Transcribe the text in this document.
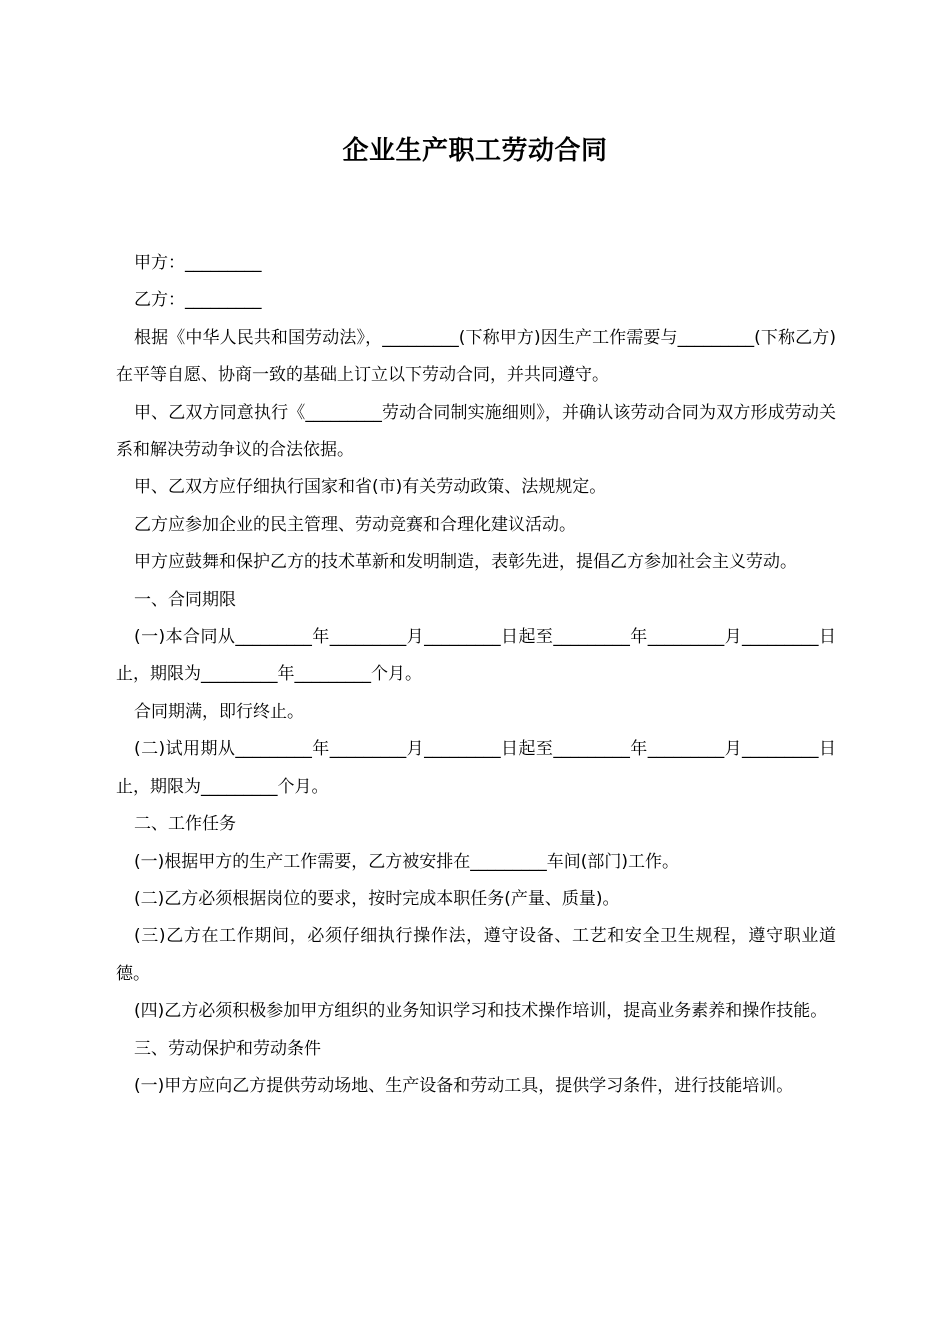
企业生产职工劳动合同

甲方：_________

乙方：_________

根据《中华人民共和国劳动法》，_________(下称甲方)因生产工作需要与_________(下称乙方)在平等自愿、协商一致的基础上订立以下劳动合同，并共同遵守。

甲、乙双方同意执行《_________劳动合同制实施细则》，并确认该劳动合同为双方形成劳动关系和解决劳动争议的合法依据。

甲、乙双方应仔细执行国家和省(市)有关劳动政策、法规规定。

乙方应参加企业的民主管理、劳动竞赛和合理化建议活动。

甲方应鼓舞和保护乙方的技术革新和发明制造，表彰先进，提倡乙方参加社会主义劳动。

一、合同期限

(一)本合同从_________年_________月_________日起至_________年_________月_________日止，期限为_________年_________个月。

合同期满，即行终止。

(二)试用期从_________年_________月_________日起至_________年_________月_________日止，期限为_________个月。

二、工作任务

(一)根据甲方的生产工作需要，乙方被安排在_________车间(部门)工作。

(二)乙方必须根据岗位的要求，按时完成本职任务(产量、质量)。

(三)乙方在工作期间，必须仔细执行操作法，遵守设备、工艺和安全卫生规程，遵守职业道德。

(四)乙方必须积极参加甲方组织的业务知识学习和技术操作培训，提高业务素养和操作技能。

三、劳动保护和劳动条件

(一)甲方应向乙方提供劳动场地、生产设备和劳动工具，提供学习条件，进行技能培训。
